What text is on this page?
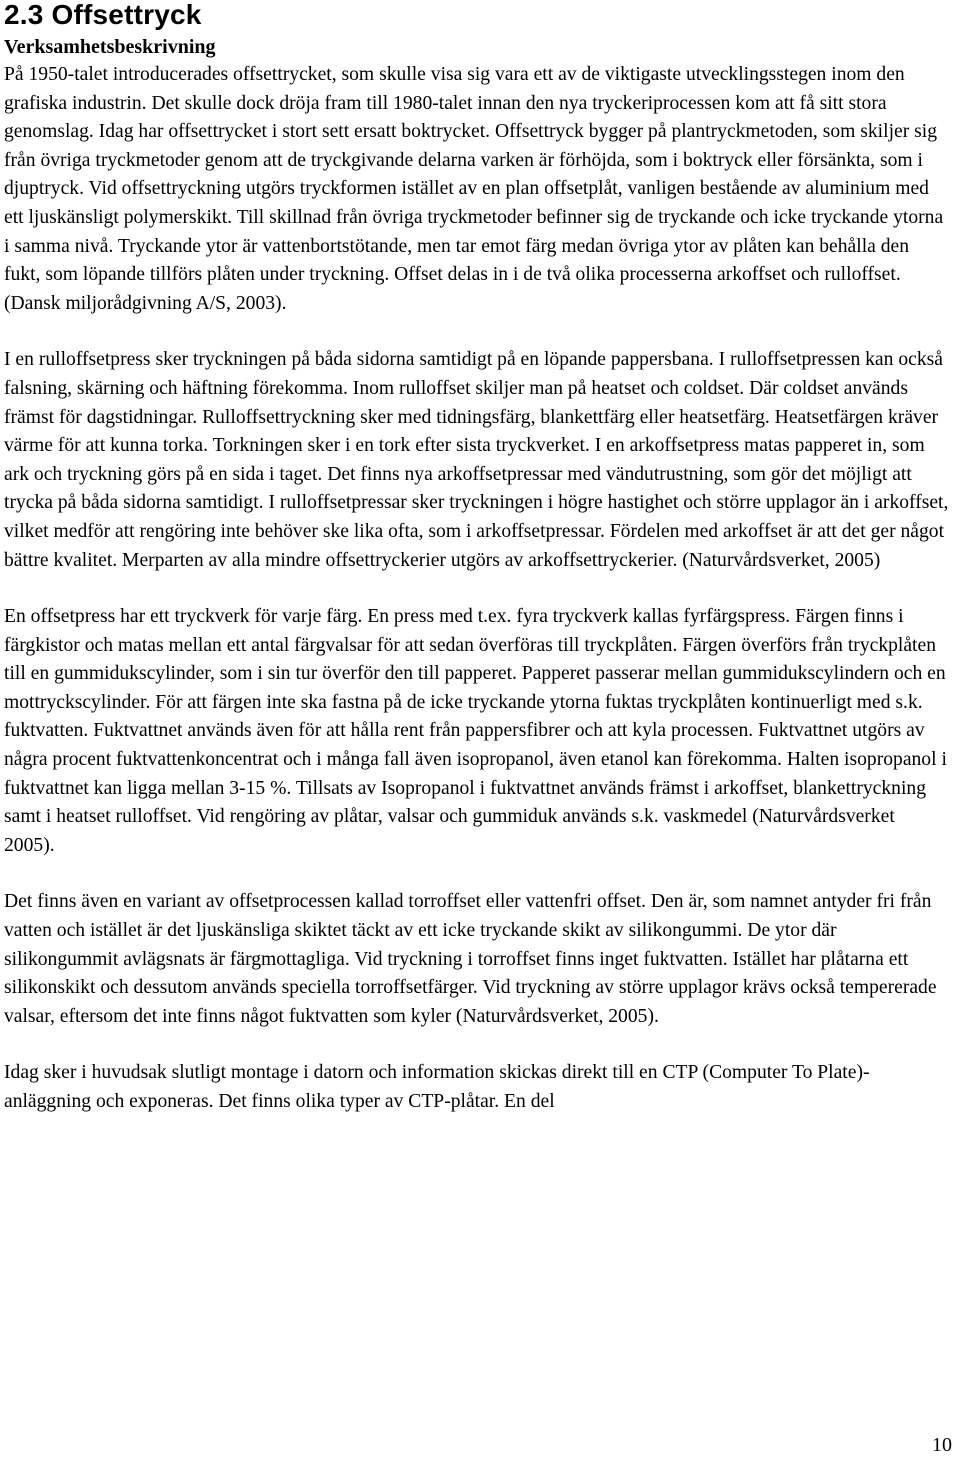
2.3 Offsettryck
Verksamhetsbeskrivning

På 1950-talet introducerades offsettrycket, som skulle visa sig vara ett av de viktigaste utvecklingsstegen inom den grafiska industrin. Det skulle dock dröja fram till 1980-talet innan den nya tryckeriprocessen kom att få sitt stora genomslag. Idag har offsettrycket i stort sett ersatt boktrycket. Offsettryck bygger på plantryckmetoden, som skiljer sig från övriga tryckmetoder genom att de tryckgivande delarna varken är förhöjda, som i boktryck eller försänkta, som i djuptryck. Vid offsettryckning utgörs tryckformen istället av en plan offsetplåt, vanligen bestående av aluminium med ett ljuskänsligt polymerskikt. Till skillnad från övriga tryckmetoder befinner sig de tryckande och icke tryckande ytorna i samma nivå. Tryckande ytor är vattenbortstötande, men tar emot färg medan övriga ytor av plåten kan behålla den fukt, som löpande tillförs plåten under tryckning. Offset delas in i de två olika processerna arkoffset och rulloffset. (Dansk miljorådgivning A/S, 2003).

I en rulloffsetpress sker tryckningen på båda sidorna samtidigt på en löpande pappersbana. I rulloffsetpressen kan också falsning, skärning och häftning förekomma. Inom rulloffset skiljer man på heatset och coldset. Där coldset används främst för dagstidningar. Rulloffsettryckning sker med tidningsfärg, blankettfärg eller heatsetfärg. Heatsetfärgen kräver värme för att kunna torka. Torkningen sker i en tork efter sista tryckverket. I en arkoffsetpress matas papperet in, som ark och tryckning görs på en sida i taget. Det finns nya arkoffsetpressar med vändutrustning, som gör det möjligt att trycka på båda sidorna samtidigt. I rulloffsetpressar sker tryckningen i högre hastighet och större upplagor än i arkoffset, vilket medför att rengöring inte behöver ske lika ofta, som i arkoffsetpressar. Fördelen med arkoffset är att det ger något bättre kvalitet. Merparten av alla mindre offsettryckerier utgörs av arkoffsettryckerier. (Naturvårdsverket, 2005)

En offsetpress har ett tryckverk för varje färg. En press med t.ex. fyra tryckverk kallas fyrfärgspress. Färgen finns i färgkistor och matas mellan ett antal färgvalsar för att sedan överföras till tryckplåten. Färgen överförs från tryckplåten till en gummidukscylinder, som i sin tur överför den till papperet. Papperet passerar mellan gummidukscylindern och en mottryckscylinder. För att färgen inte ska fastna på de icke tryckande ytorna fuktas tryckplåten kontinuerligt med s.k. fuktvatten. Fuktvattnet används även för att hålla rent från pappersfibrer och att kyla processen. Fuktvattnet utgörs av några procent fuktvattenkoncentrat och i många fall även isopropanol, även etanol kan förekomma. Halten isopropanol i fuktvattnet kan ligga mellan 3-15 %. Tillsats av Isopropanol i fuktvattnet används främst i arkoffset, blankettryckning samt i heatset rulloffset. Vid rengöring av plåtar, valsar och gummiduk används s.k. vaskmedel (Naturvårdsverket 2005).

Det finns även en variant av offsetprocessen kallad torroffset eller vattenfri offset. Den är, som namnet antyder fri från vatten och istället är det ljuskänsliga skiktet täckt av ett icke tryckande skikt av silikongummi. De ytor där silikongummit avlägsnats är färgmottagliga. Vid tryckning i torroffset finns inget fuktvatten. Istället har plåtarna ett silikonskikt och dessutom används speciella torroffsetfärger. Vid tryckning av större upplagor krävs också tempererade valsar, eftersom det inte finns något fuktvatten som kyler (Naturvårdsverket, 2005).

Idag sker i huvudsak slutligt montage i datorn och information skickas direkt till en CTP (Computer To Plate)-anläggning och exponeras. Det finns olika typer av CTP-plåtar. En del

10
